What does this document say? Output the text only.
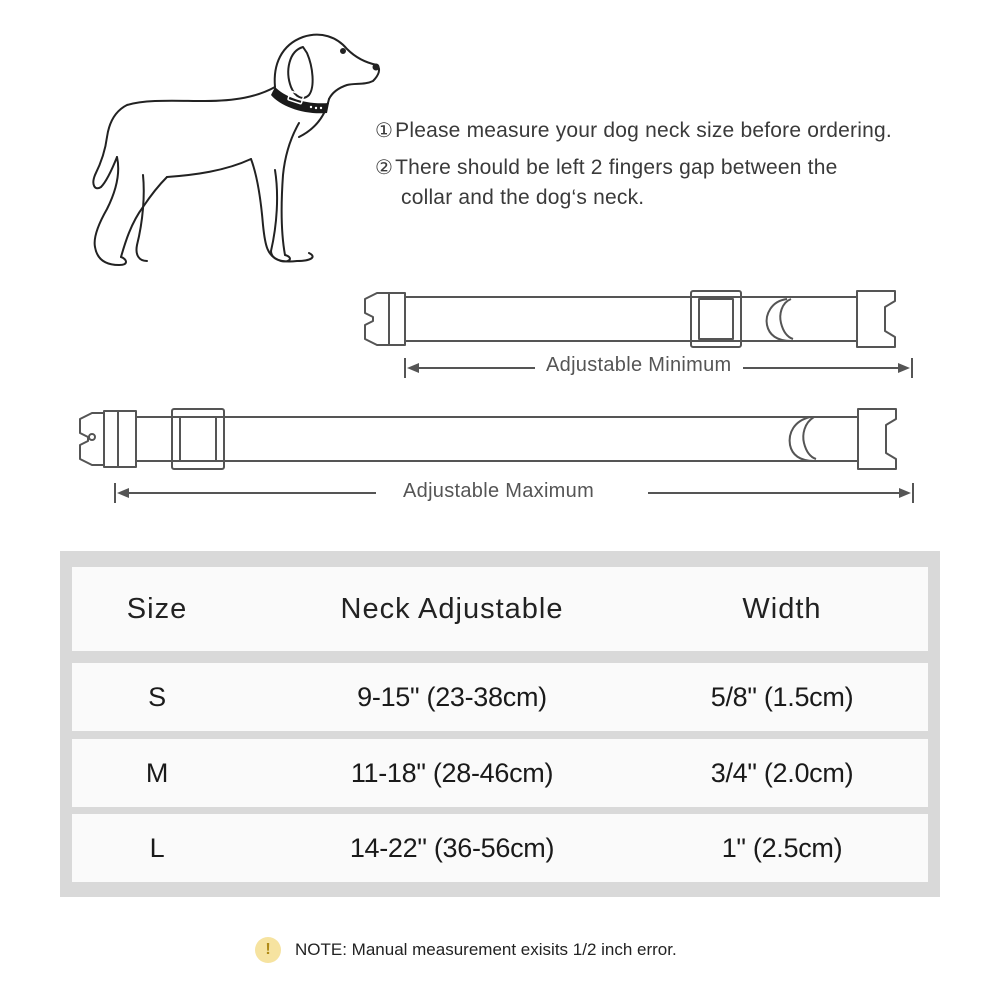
①Please measure your dog neck size before ordering.
②There should be left 2 fingers gap between the
collar and the dog‘s neck.
Adjustable Minimum
Adjustable Maximum
Size	Neck Adjustable	Width
S	9-15" (23-38cm)	5/8" (1.5cm)
M	11-18" (28-46cm)	3/4" (2.0cm)
L	14-22" (36-56cm)	1" (2.5cm)
!	NOTE: Manual measurement exisits 1/2 inch error.
